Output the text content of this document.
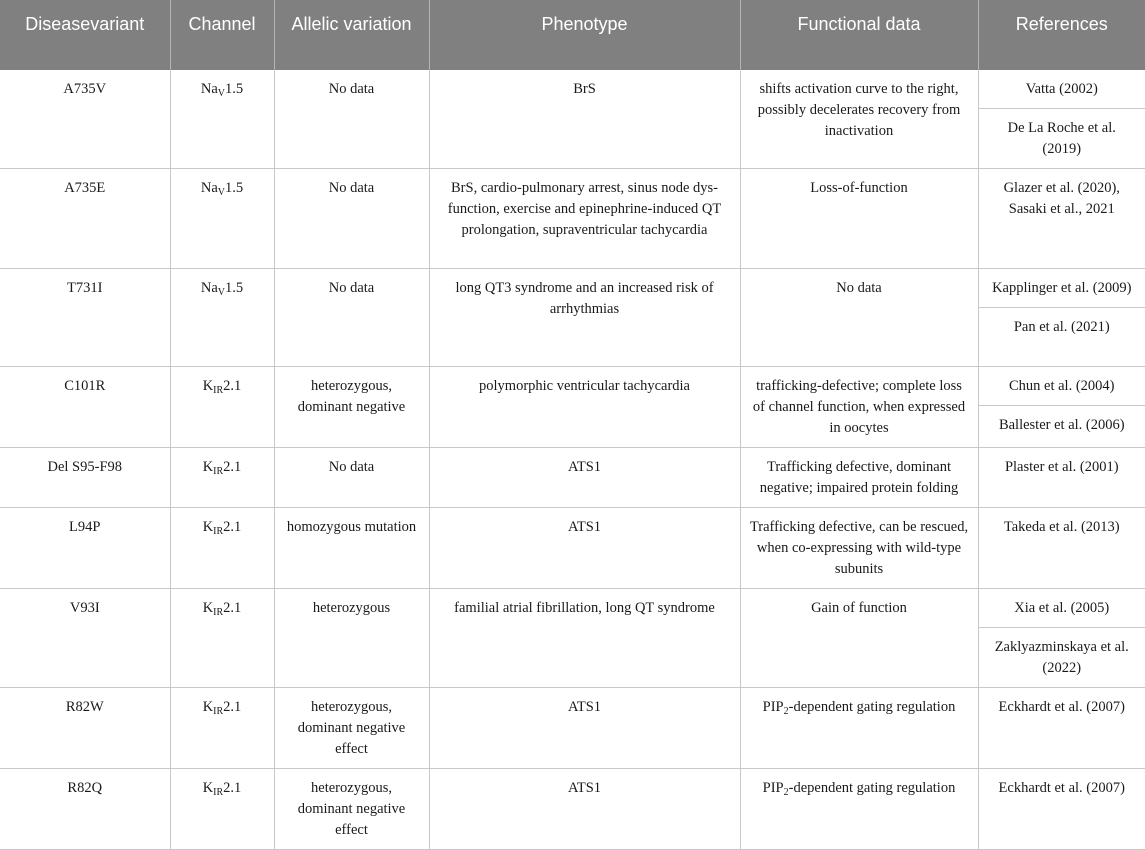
Diseasevariant	Channel	Allelic variation	Phenotype	Functional data	References
A735V	$Na_V1.5$	No data	BrS	shifts activation curve to the right, possibly decelerates recovery from inactivation	Vatta (2002)
De La Roche et al. (2019)

A735E	$Na_V1.5$	No data	BrS, cardio-pulmonary arrest, sinus node dys-function, exercise and epinephrine-induced QT prolongation, supraventricular tachycardia	Loss-of-function	Glazer et al. (2020), Sasaki et al., 2021

T731I	$Na_V1.5$	No data	long QT3 syndrome and an increased risk of arrhythmias	No data	Kapplinger et al. (2009)
Pan et al. (2021)

C101R	$K_{IR}2.1$	heterozygous, dominant negative	polymorphic ventricular tachycardia	trafficking-defective; complete loss of channel function, when expressed in oocytes	Chun et al. (2004)
Ballester et al. (2006)

Del S95-F98	$K_{IR}2.1$	No data	ATS1	Trafficking defective, dominant negative; impaired protein folding	Plaster et al. (2001)

L94P	$K_{IR}2.1$	homozygous mutation	ATS1	Trafficking defective, can be rescued, when co-expressing with wild-type subunits	Takeda et al. (2013)

V93I	$K_{IR}2.1$	heterozygous	familial atrial fibrillation, long QT syndrome	Gain of function	Xia et al. (2005)
Zaklyazminskaya et al. (2022)

R82W	$K_{IR}2.1$	heterozygous, dominant negative effect	ATS1	$PIP_2$-dependent gating regulation	Eckhardt et al. (2007)

R82Q	$K_{IR}2.1$	heterozygous, dominant negative effect	ATS1	$PIP_2$-dependent gating regulation	Eckhardt et al. (2007)
